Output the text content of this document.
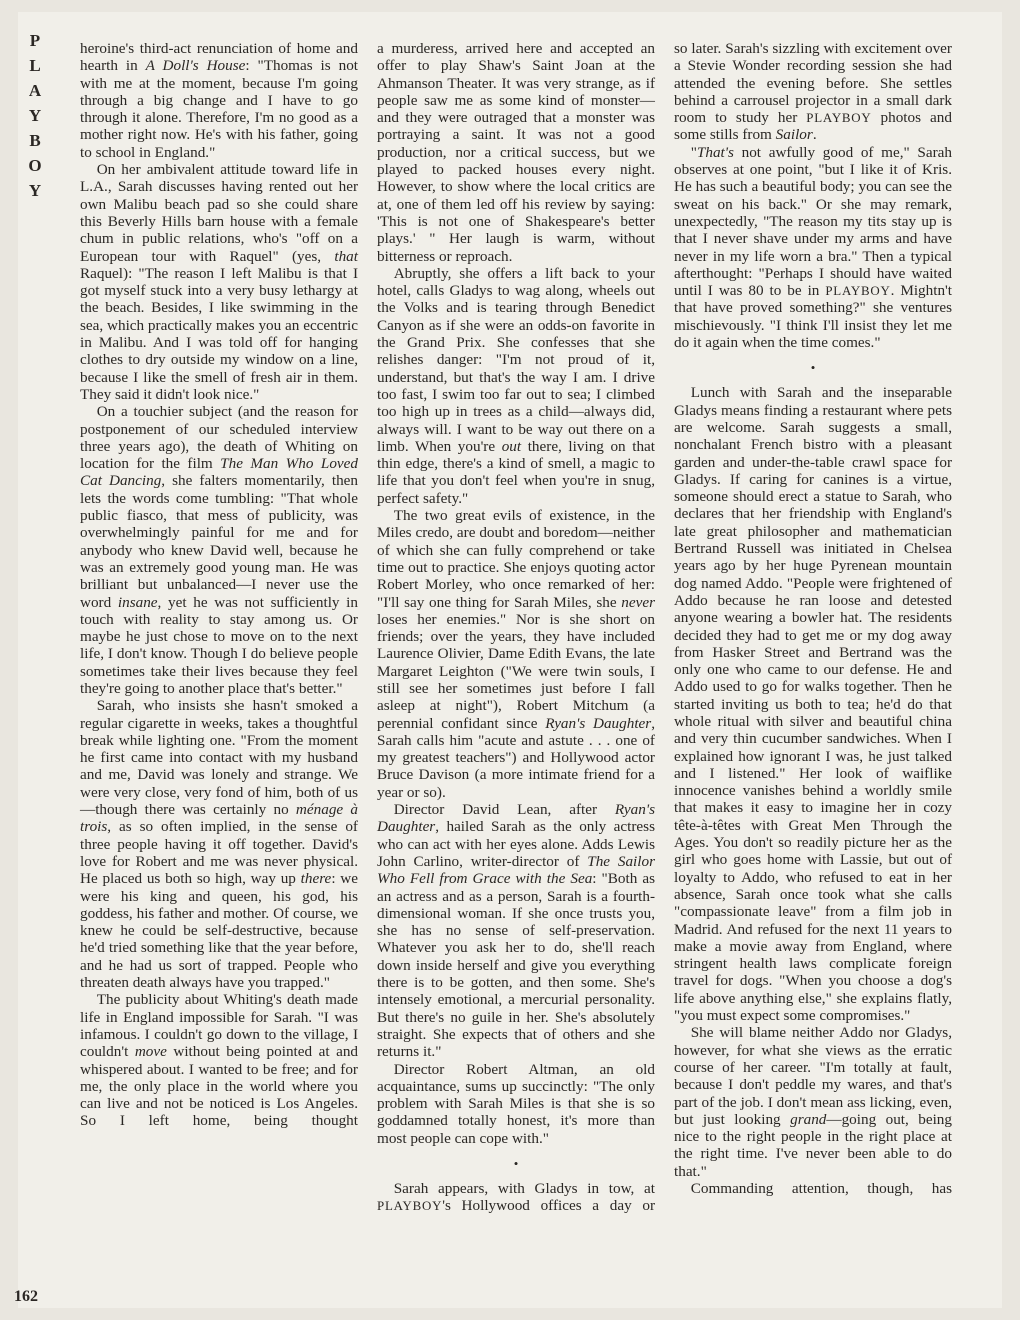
P
L
A
Y
B
O
Y
162

heroine's third-act renunciation of home and hearth in A Doll's House: "Thomas is not with me at the moment, because I'm going through a big change and I have to go through it alone. Therefore, I'm no good as a mother right now. He's with his father, going to school in England."

On her ambivalent attitude toward life in L.A., Sarah discusses having rented out her own Malibu beach pad so she could share this Beverly Hills barn house with a female chum in public relations, who's "off on a European tour with Raquel" (yes, that Raquel): "The reason I left Malibu is that I got myself stuck into a very busy lethargy at the beach. Besides, I like swimming in the sea, which practically makes you an eccentric in Malibu. And I was told off for hanging clothes to dry outside my window on a line, because I like the smell of fresh air in them. They said it didn't look nice."

On a touchier subject (and the reason for postponement of our scheduled interview three years ago), the death of Whiting on location for the film The Man Who Loved Cat Dancing, she falters momentarily, then lets the words come tumbling: "That whole public fiasco, that mess of publicity, was overwhelmingly painful for me and for anybody who knew David well, because he was an extremely good young man. He was brilliant but unbalanced—I never use the word insane, yet he was not sufficiently in touch with reality to stay among us. Or maybe he just chose to move on to the next life, I don't know. Though I do believe people sometimes take their lives because they feel they're going to another place that's better."

Sarah, who insists she hasn't smoked a regular cigarette in weeks, takes a thoughtful break while lighting one. "From the moment he first came into contact with my husband and me, David was lonely and strange. We were very close, very fond of him, both of us—though there was certainly no ménage à trois, as so often implied, in the sense of three people having it off together. David's love for Robert and me was never physical. He placed us both so high, way up there: we were his king and queen, his god, his goddess, his father and mother. Of course, we knew he could be self-destructive, because he'd tried something like that the year before, and he had us sort of trapped. People who threaten death always have you trapped."

The publicity about Whiting's death made life in England impossible for Sarah. "I was infamous. I couldn't go down to the village, I couldn't move without being pointed at and whispered about. I wanted to be free; and for me, the only place in the world where you can live and not be noticed is Los Angeles. So I left home, being thought

a murderess, arrived here and accepted an offer to play Shaw's Saint Joan at the Ahmanson Theater. It was very strange, as if people saw me as some kind of monster—and they were outraged that a monster was portraying a saint. It was not a good production, nor a critical success, but we played to packed houses every night. However, to show where the local critics are at, one of them led off his review by saying: 'This is not one of Shakespeare's better plays.' " Her laugh is warm, without bitterness or reproach.

Abruptly, she offers a lift back to your hotel, calls Gladys to wag along, wheels out the Volks and is tearing through Benedict Canyon as if she were an odds-on favorite in the Grand Prix. She confesses that she relishes danger: "I'm not proud of it, understand, but that's the way I am. I drive too fast, I swim too far out to sea; I climbed too high up in trees as a child—always did, always will. I want to be way out there on a limb. When you're out there, living on that thin edge, there's a kind of smell, a magic to life that you don't feel when you're in snug, perfect safety."

The two great evils of existence, in the Miles credo, are doubt and boredom—neither of which she can fully comprehend or take time out to practice. She enjoys quoting actor Robert Morley, who once remarked of her: "I'll say one thing for Sarah Miles, she never loses her enemies." Nor is she short on friends; over the years, they have included Laurence Olivier, Dame Edith Evans, the late Margaret Leighton ("We were twin souls, I still see her sometimes just before I fall asleep at night"), Robert Mitchum (a perennial confidant since Ryan's Daughter, Sarah calls him "acute and astute . . . one of my greatest teachers") and Hollywood actor Bruce Davison (a more intimate friend for a year or so).

Director David Lean, after Ryan's Daughter, hailed Sarah as the only actress who can act with her eyes alone. Adds Lewis John Carlino, writer-director of The Sailor Who Fell from Grace with the Sea: "Both as an actress and as a person, Sarah is a fourth-dimensional woman. If she once trusts you, she has no sense of self-preservation. Whatever you ask her to do, she'll reach down inside herself and give you everything there is to be gotten, and then some. She's intensely emotional, a mercurial personality. But there's no guile in her. She's absolutely straight. She expects that of others and she returns it."

Director Robert Altman, an old acquaintance, sums up succinctly: "The only problem with Sarah Miles is that she is so goddamned totally honest, it's more than most people can cope with."

•

Sarah appears, with Gladys in tow, at PLAYBOY's Hollywood offices a day or

so later. Sarah's sizzling with excitement over a Stevie Wonder recording session she had attended the evening before. She settles behind a carrousel projector in a small dark room to study her PLAYBOY photos and some stills from Sailor.

"That's not awfully good of me," Sarah observes at one point, "but I like it of Kris. He has such a beautiful body; you can see the sweat on his back." Or she may remark, unexpectedly, "The reason my tits stay up is that I never shave under my arms and have never in my life worn a bra." Then a typical afterthought: "Perhaps I should have waited until I was 80 to be in PLAYBOY. Mightn't that have proved something?" she ventures mischievously. "I think I'll insist they let me do it again when the time comes."

•

Lunch with Sarah and the inseparable Gladys means finding a restaurant where pets are welcome. Sarah suggests a small, nonchalant French bistro with a pleasant garden and under-the-table crawl space for Gladys. If caring for canines is a virtue, someone should erect a statue to Sarah, who declares that her friendship with England's late great philosopher and mathematician Bertrand Russell was initiated in Chelsea years ago by her huge Pyrenean mountain dog named Addo. "People were frightened of Addo because he ran loose and detested anyone wearing a bowler hat. The residents decided they had to get me or my dog away from Hasker Street and Bertrand was the only one who came to our defense. He and Addo used to go for walks together. Then he started inviting us both to tea; he'd do that whole ritual with silver and beautiful china and very thin cucumber sandwiches. When I explained how ignorant I was, he just talked and I listened." Her look of waiflike innocence vanishes behind a worldly smile that makes it easy to imagine her in cozy tête-à-têtes with Great Men Through the Ages. You don't so readily picture her as the girl who goes home with Lassie, but out of loyalty to Addo, who refused to eat in her absence, Sarah once took what she calls "compassionate leave" from a film job in Madrid. And refused for the next 11 years to make a movie away from England, where stringent health laws complicate foreign travel for dogs. "When you choose a dog's life above anything else," she explains flatly, "you must expect some compromises."

She will blame neither Addo nor Gladys, however, for what she views as the erratic course of her career. "I'm totally at fault, because I don't peddle my wares, and that's part of the job. I don't mean ass licking, even, but just looking grand—going out, being nice to the right people in the right place at the right time. I've never been able to do that."

Commanding attention, though, has
